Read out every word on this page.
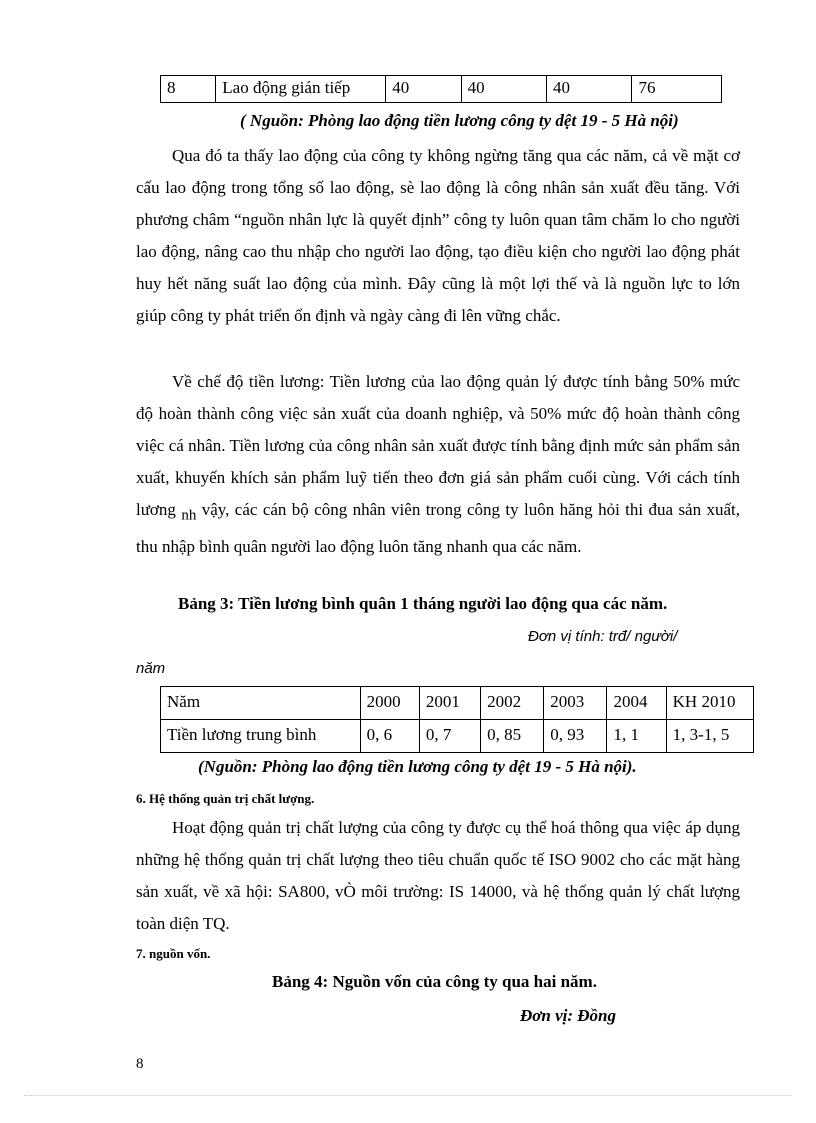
8	Lao động gián tiếp	40	40	40	76
( Nguồn: Phòng lao động tiền lương công ty dệt 19 - 5 Hà nội)

Qua đó ta thấy lao động của công ty không ngừng tăng qua các năm, cả về mặt cơ cấu lao động trong tổng số lao động, sè lao động là công nhân sản xuất đều tăng. Với phương châm “nguồn nhân lực là quyết định” công ty luôn quan tâm chăm lo cho người lao động, nâng cao thu nhập cho người lao động, tạo điều kiện cho người lao động phát huy hết năng suất lao động của mình. Đây cũng là một lợi thế và là nguồn lực to lớn giúp công ty phát triển ổn định và ngày càng đi lên vững chắc.

Về chế độ tiền lương: Tiền lương của lao động quản lý được tính bằng 50% mức độ hoàn thành công việc sản xuất của doanh nghiệp, và 50% mức độ hoàn thành công việc cá nhân. Tiền lương của công nhân sản xuất được tính bằng định mức sản phẩm sản xuất, khuyến khích sản phẩm luỹ tiến theo đơn giá sản phẩm cuối cùng. Với cách tính lương $_{nh}$ vậy, các cán bộ công nhân viên trong công ty luôn hăng hỏi thi đua sản xuất, thu nhập bình quân người lao động luôn tăng nhanh qua các năm.

Bảng 3: Tiền lương bình quân 1 tháng người lao động qua các năm.
Đơn vị tính: trđ/ người/
năm
Năm	2000	2001	2002	2003	2004	KH 2010
Tiền lương trung bình	0, 6	0, 7	0, 85	0, 93	1, 1	1, 3-1, 5
(Nguồn: Phòng lao động tiền lương công ty dệt 19 - 5 Hà nội).
6. Hệ thống quản trị chất lượng.

Hoạt động quản trị chất lượng của công ty được cụ thể hoá thông qua việc áp dụng những hệ thống quản trị chất lượng theo tiêu chuẩn quốc tế ISO 9002 cho các mặt hàng sản xuất, về xã hội: SA800, vÒ môi trường: IS 14000, và hệ thống quản lý chất lượng toàn diện TQ.

7. nguồn vốn.
Bảng 4: Nguồn vốn của công ty qua hai năm.
Đơn vị: Đồng
8
